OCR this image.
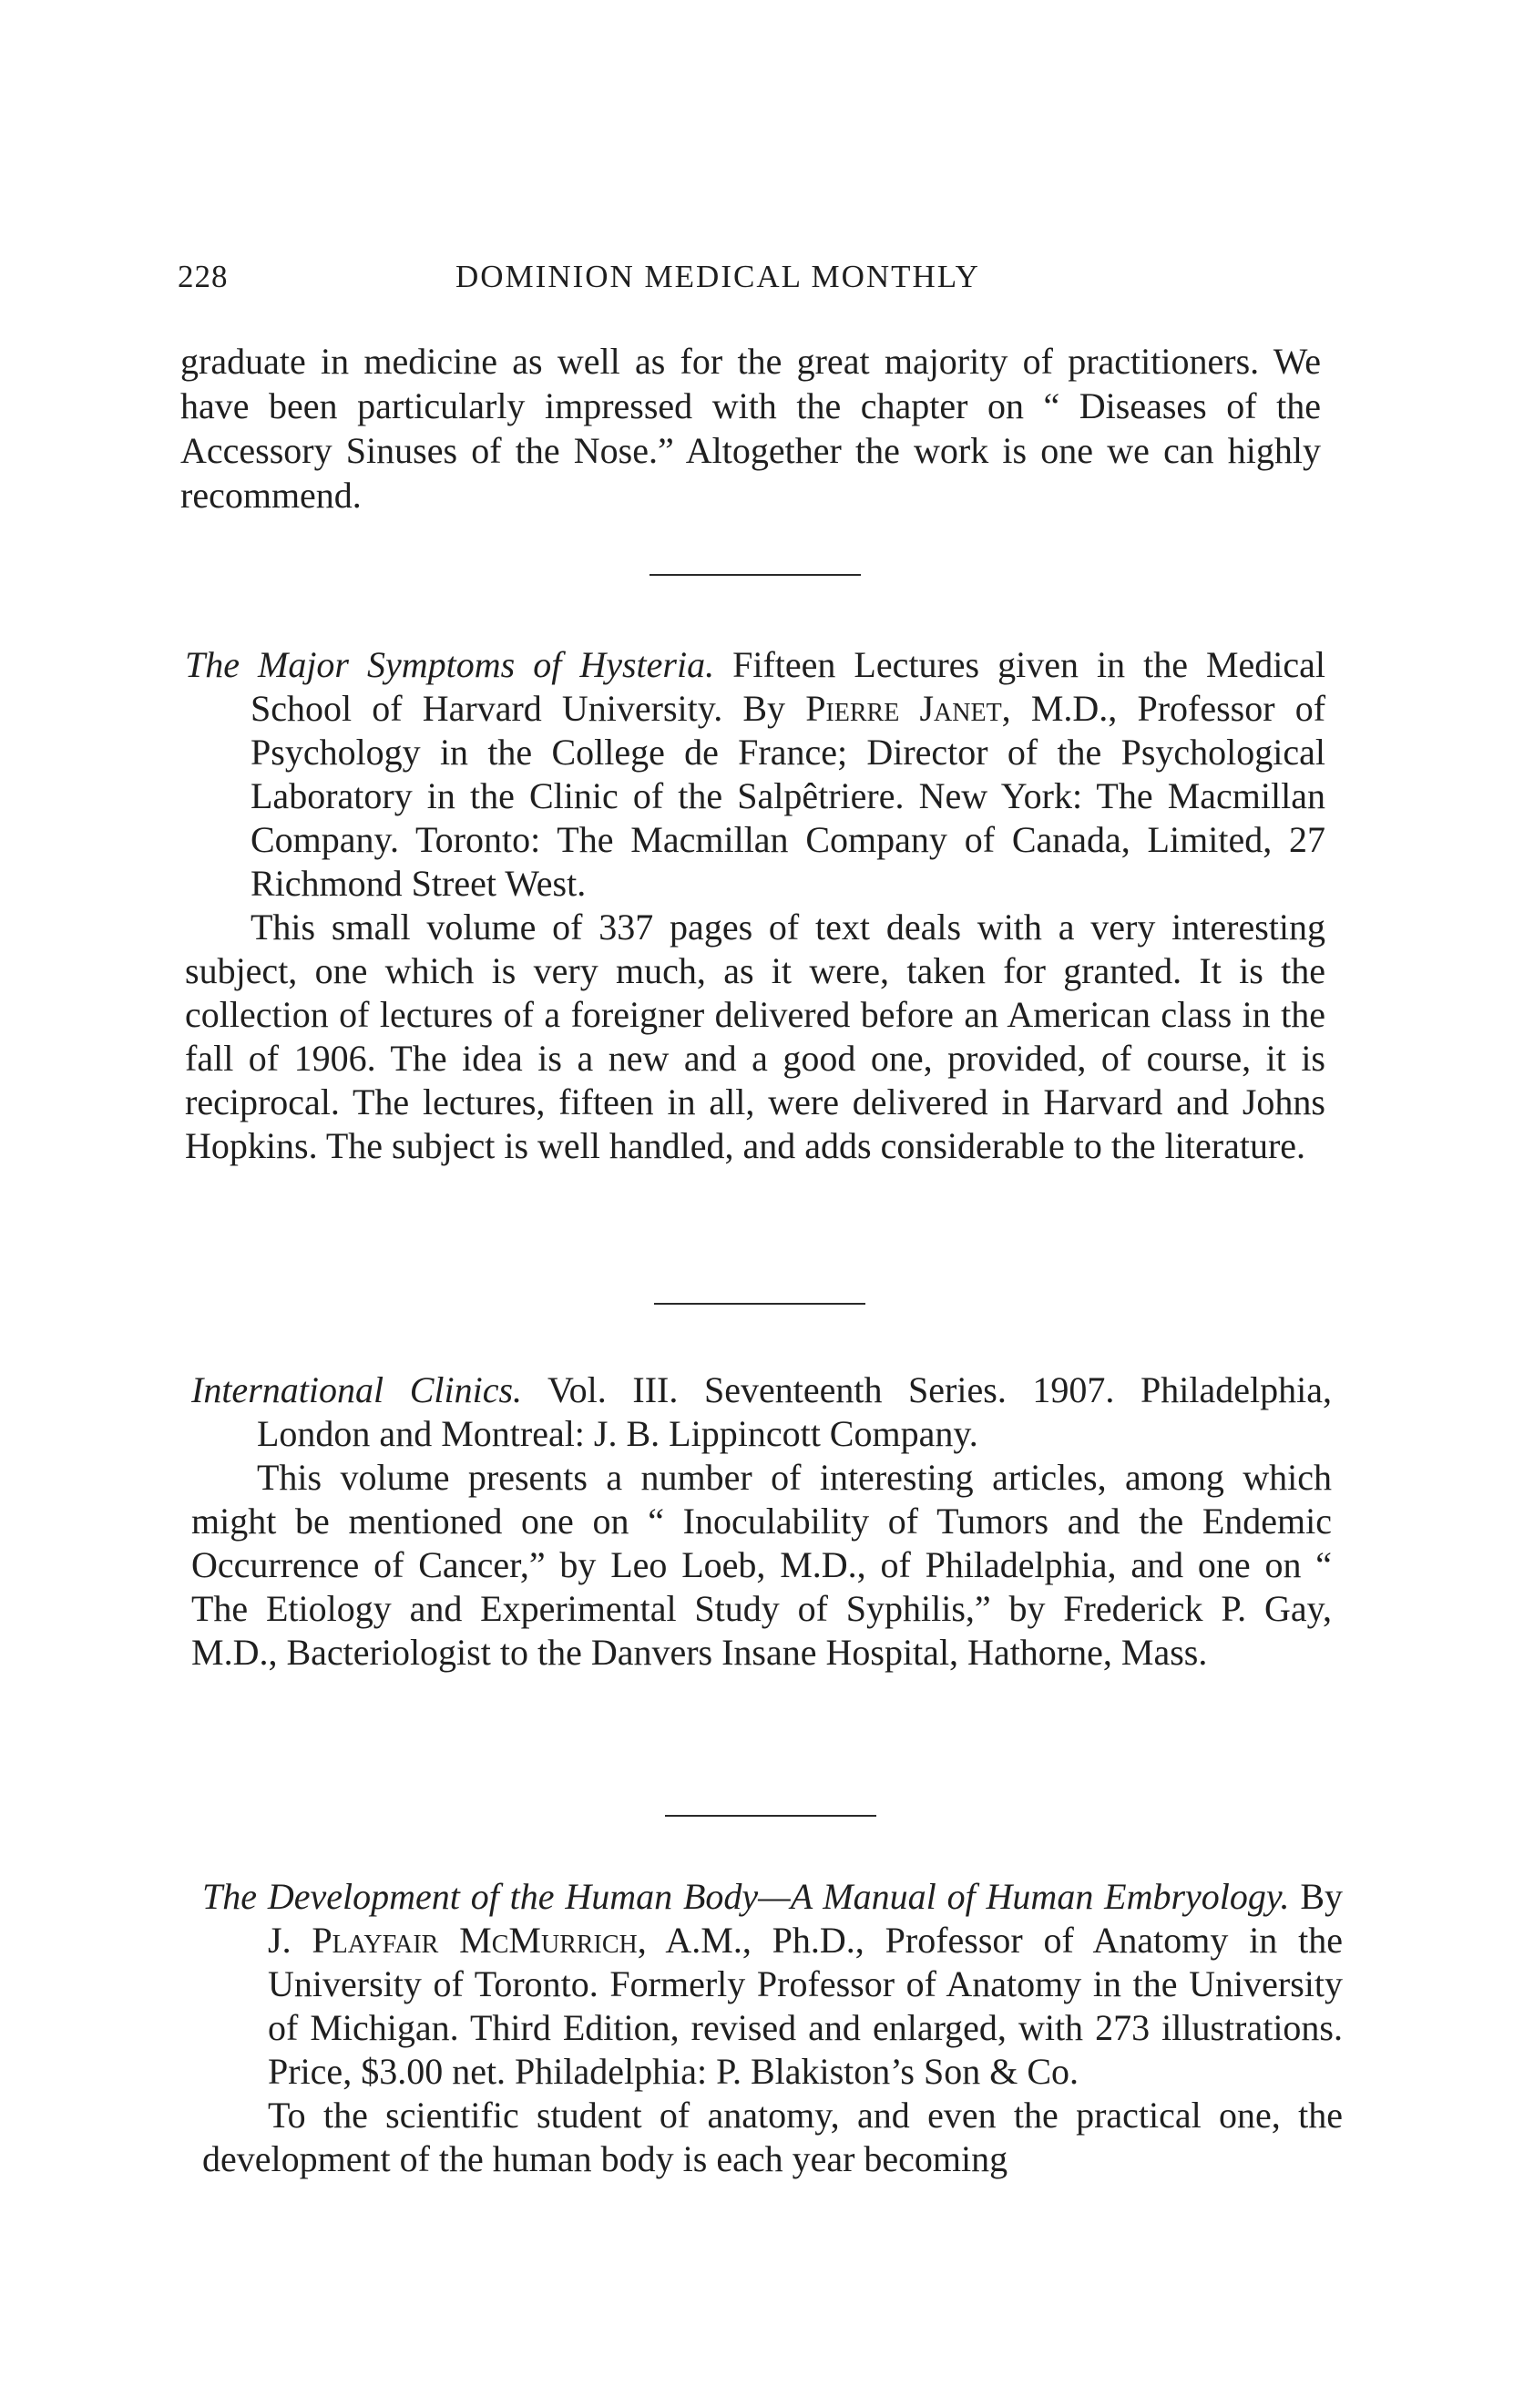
228	DOMINION MEDICAL MONTHLY

graduate in medicine as well as for the great majority of practitioners. We have been particularly impressed with the chapter on “ Diseases of the Accessory Sinuses of the Nose.” Altogether the work is one we can highly recommend.

The Major Symptoms of Hysteria. Fifteen Lectures given in the Medical School of Harvard University. By Pierre Janet, M.D., Professor of Psychology in the College de France; Director of the Psychological Laboratory in the Clinic of the Salpêtriere. New York: The Macmillan Company. Toronto: The Macmillan Company of Canada, Limited, 27 Richmond Street West.

This small volume of 337 pages of text deals with a very interesting subject, one which is very much, as it were, taken for granted. It is the collection of lectures of a foreigner delivered before an American class in the fall of 1906. The idea is a new and a good one, provided, of course, it is reciprocal. The lectures, fifteen in all, were delivered in Harvard and Johns Hopkins. The subject is well handled, and adds considerable to the literature.

International Clinics. Vol. III. Seventeenth Series. 1907. Philadelphia, London and Montreal: J. B. Lippincott Company.

This volume presents a number of interesting articles, among which might be mentioned one on “ Inoculability of Tumors and the Endemic Occurrence of Cancer,” by Leo Loeb, M.D., of Philadelphia, and one on “ The Etiology and Experimental Study of Syphilis,” by Frederick P. Gay, M.D., Bacteriologist to the Danvers Insane Hospital, Hathorne, Mass.

The Development of the Human Body—A Manual of Human Embryology. By J. Playfair McMurrich, A.M., Ph.D., Professor of Anatomy in the University of Toronto. Formerly Professor of Anatomy in the University of Michigan. Third Edition, revised and enlarged, with 273 illustrations. Price, $3.00 net. Philadelphia: P. Blakiston’s Son & Co.

To the scientific student of anatomy, and even the practical one, the development of the human body is each year becoming
